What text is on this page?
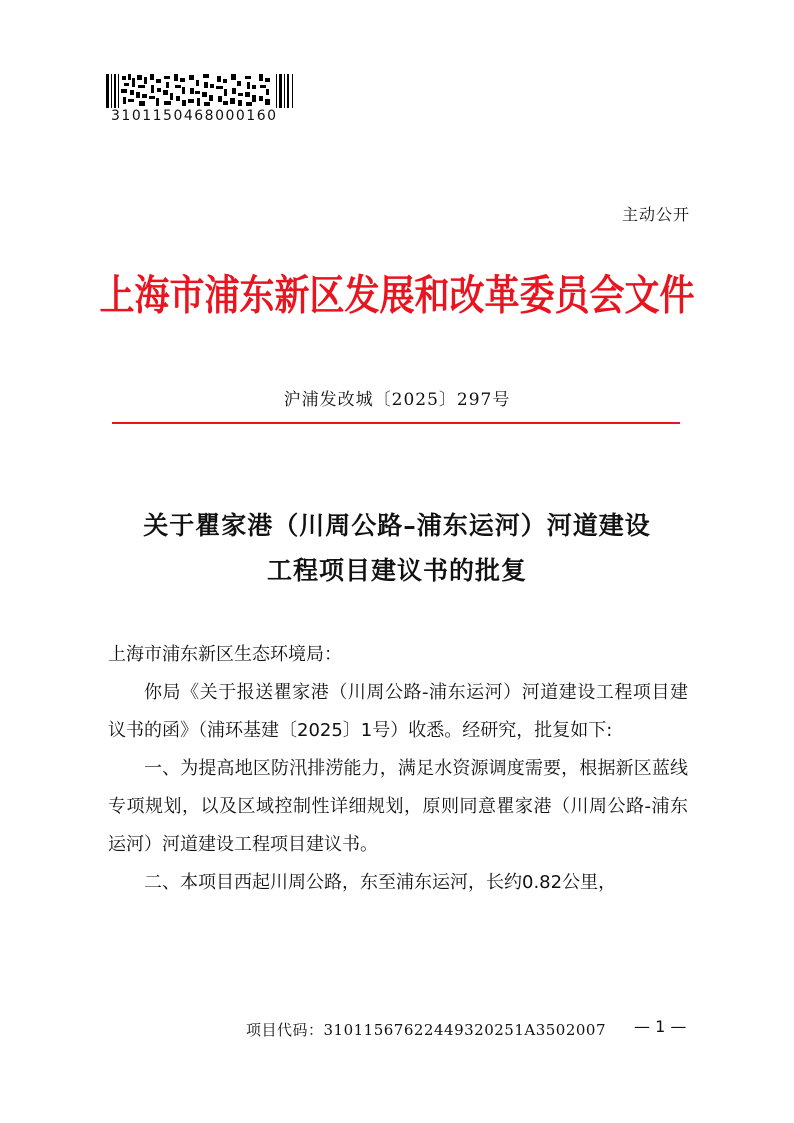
3101150468000160
主动公开
上海市浦东新区发展和改革委员会文件
沪浦发改城〔2025〕297号
关于瞿家港（川周公路–浦东运河）河道建设
工程项目建议书的批复

上海市浦东新区生态环境局：

你局《关于报送瞿家港（川周公路-浦东运河）河道建设工程项目建议书的函》（浦环基建〔2025〕1号）收悉。经研究，批复如下:

一、为提高地区防汛排涝能力，满足水资源调度需要，根据新区蓝线专项规划，以及区域控制性详细规划，原则同意瞿家港（川周公路-浦东运河）河道建设工程项目建议书。

二、本项目西起川周公路，东至浦东运河，长约0.82公里，

项目代码：31011567622449320251A3502007 — 1 —
